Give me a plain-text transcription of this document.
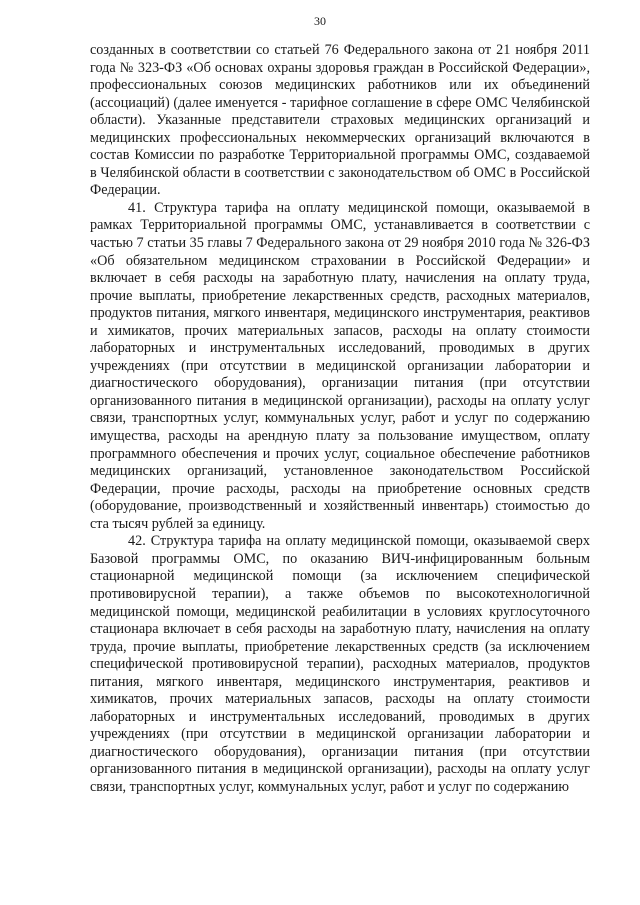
30

созданных в соответствии со статьей 76 Федерального закона от 21 ноября 2011 года № 323-ФЗ «Об основах охраны здоровья граждан в Российской Федерации», профессиональных союзов медицинских работников или их объединений (ассоциаций) (далее именуется - тарифное соглашение в сфере ОМС Челябинской области). Указанные представители страховых медицинских организаций и медицинских профессиональных некоммерческих организаций включаются в состав Комиссии по разработке Территориальной программы ОМС, создаваемой в Челябинской области в соответствии с законодательством об ОМС в Российской Федерации.

41. Структура тарифа на оплату медицинской помощи, оказываемой в рамках Территориальной программы ОМС, устанавливается в соответствии с частью 7 статьи 35 главы 7 Федерального закона от 29 ноября 2010 года № 326-ФЗ «Об обязательном медицинском страховании в Российской Федерации» и включает в себя расходы на заработную плату, начисления на оплату труда, прочие выплаты, приобретение лекарственных средств, расходных материалов, продуктов питания, мягкого инвентаря, медицинского инструментария, реактивов и химикатов, прочих материальных запасов, расходы на оплату стоимости лабораторных и инструментальных исследований, проводимых в других учреждениях (при отсутствии в медицинской организации лаборатории и диагностического оборудования), организации питания (при отсутствии организованного питания в медицинской организации), расходы на оплату услуг связи, транспортных услуг, коммунальных услуг, работ и услуг по содержанию имущества, расходы на арендную плату за пользование имуществом, оплату программного обеспечения и прочих услуг, социальное обеспечение работников медицинских организаций, установленное законодательством Российской Федерации, прочие расходы, расходы на приобретение основных средств (оборудование, производственный и хозяйственный инвентарь) стоимостью до ста тысяч рублей за единицу.

42. Структура тарифа на оплату медицинской помощи, оказываемой сверх Базовой программы ОМС, по оказанию ВИЧ-инфицированным больным стационарной медицинской помощи (за исключением специфической противовирусной терапии), а также объемов по высокотехнологичной медицинской помощи, медицинской реабилитации в условиях круглосуточного стационара включает в себя расходы на заработную плату, начисления на оплату труда, прочие выплаты, приобретение лекарственных средств (за исключением специфической противовирусной терапии), расходных материалов, продуктов питания, мягкого инвентаря, медицинского инструментария, реактивов и химикатов, прочих материальных запасов, расходы на оплату стоимости лабораторных и инструментальных исследований, проводимых в других учреждениях (при отсутствии в медицинской организации лаборатории и диагностического оборудования), организации питания (при отсутствии организованного питания в медицинской организации), расходы на оплату услуг связи, транспортных услуг, коммунальных услуг, работ и услуг по содержанию
